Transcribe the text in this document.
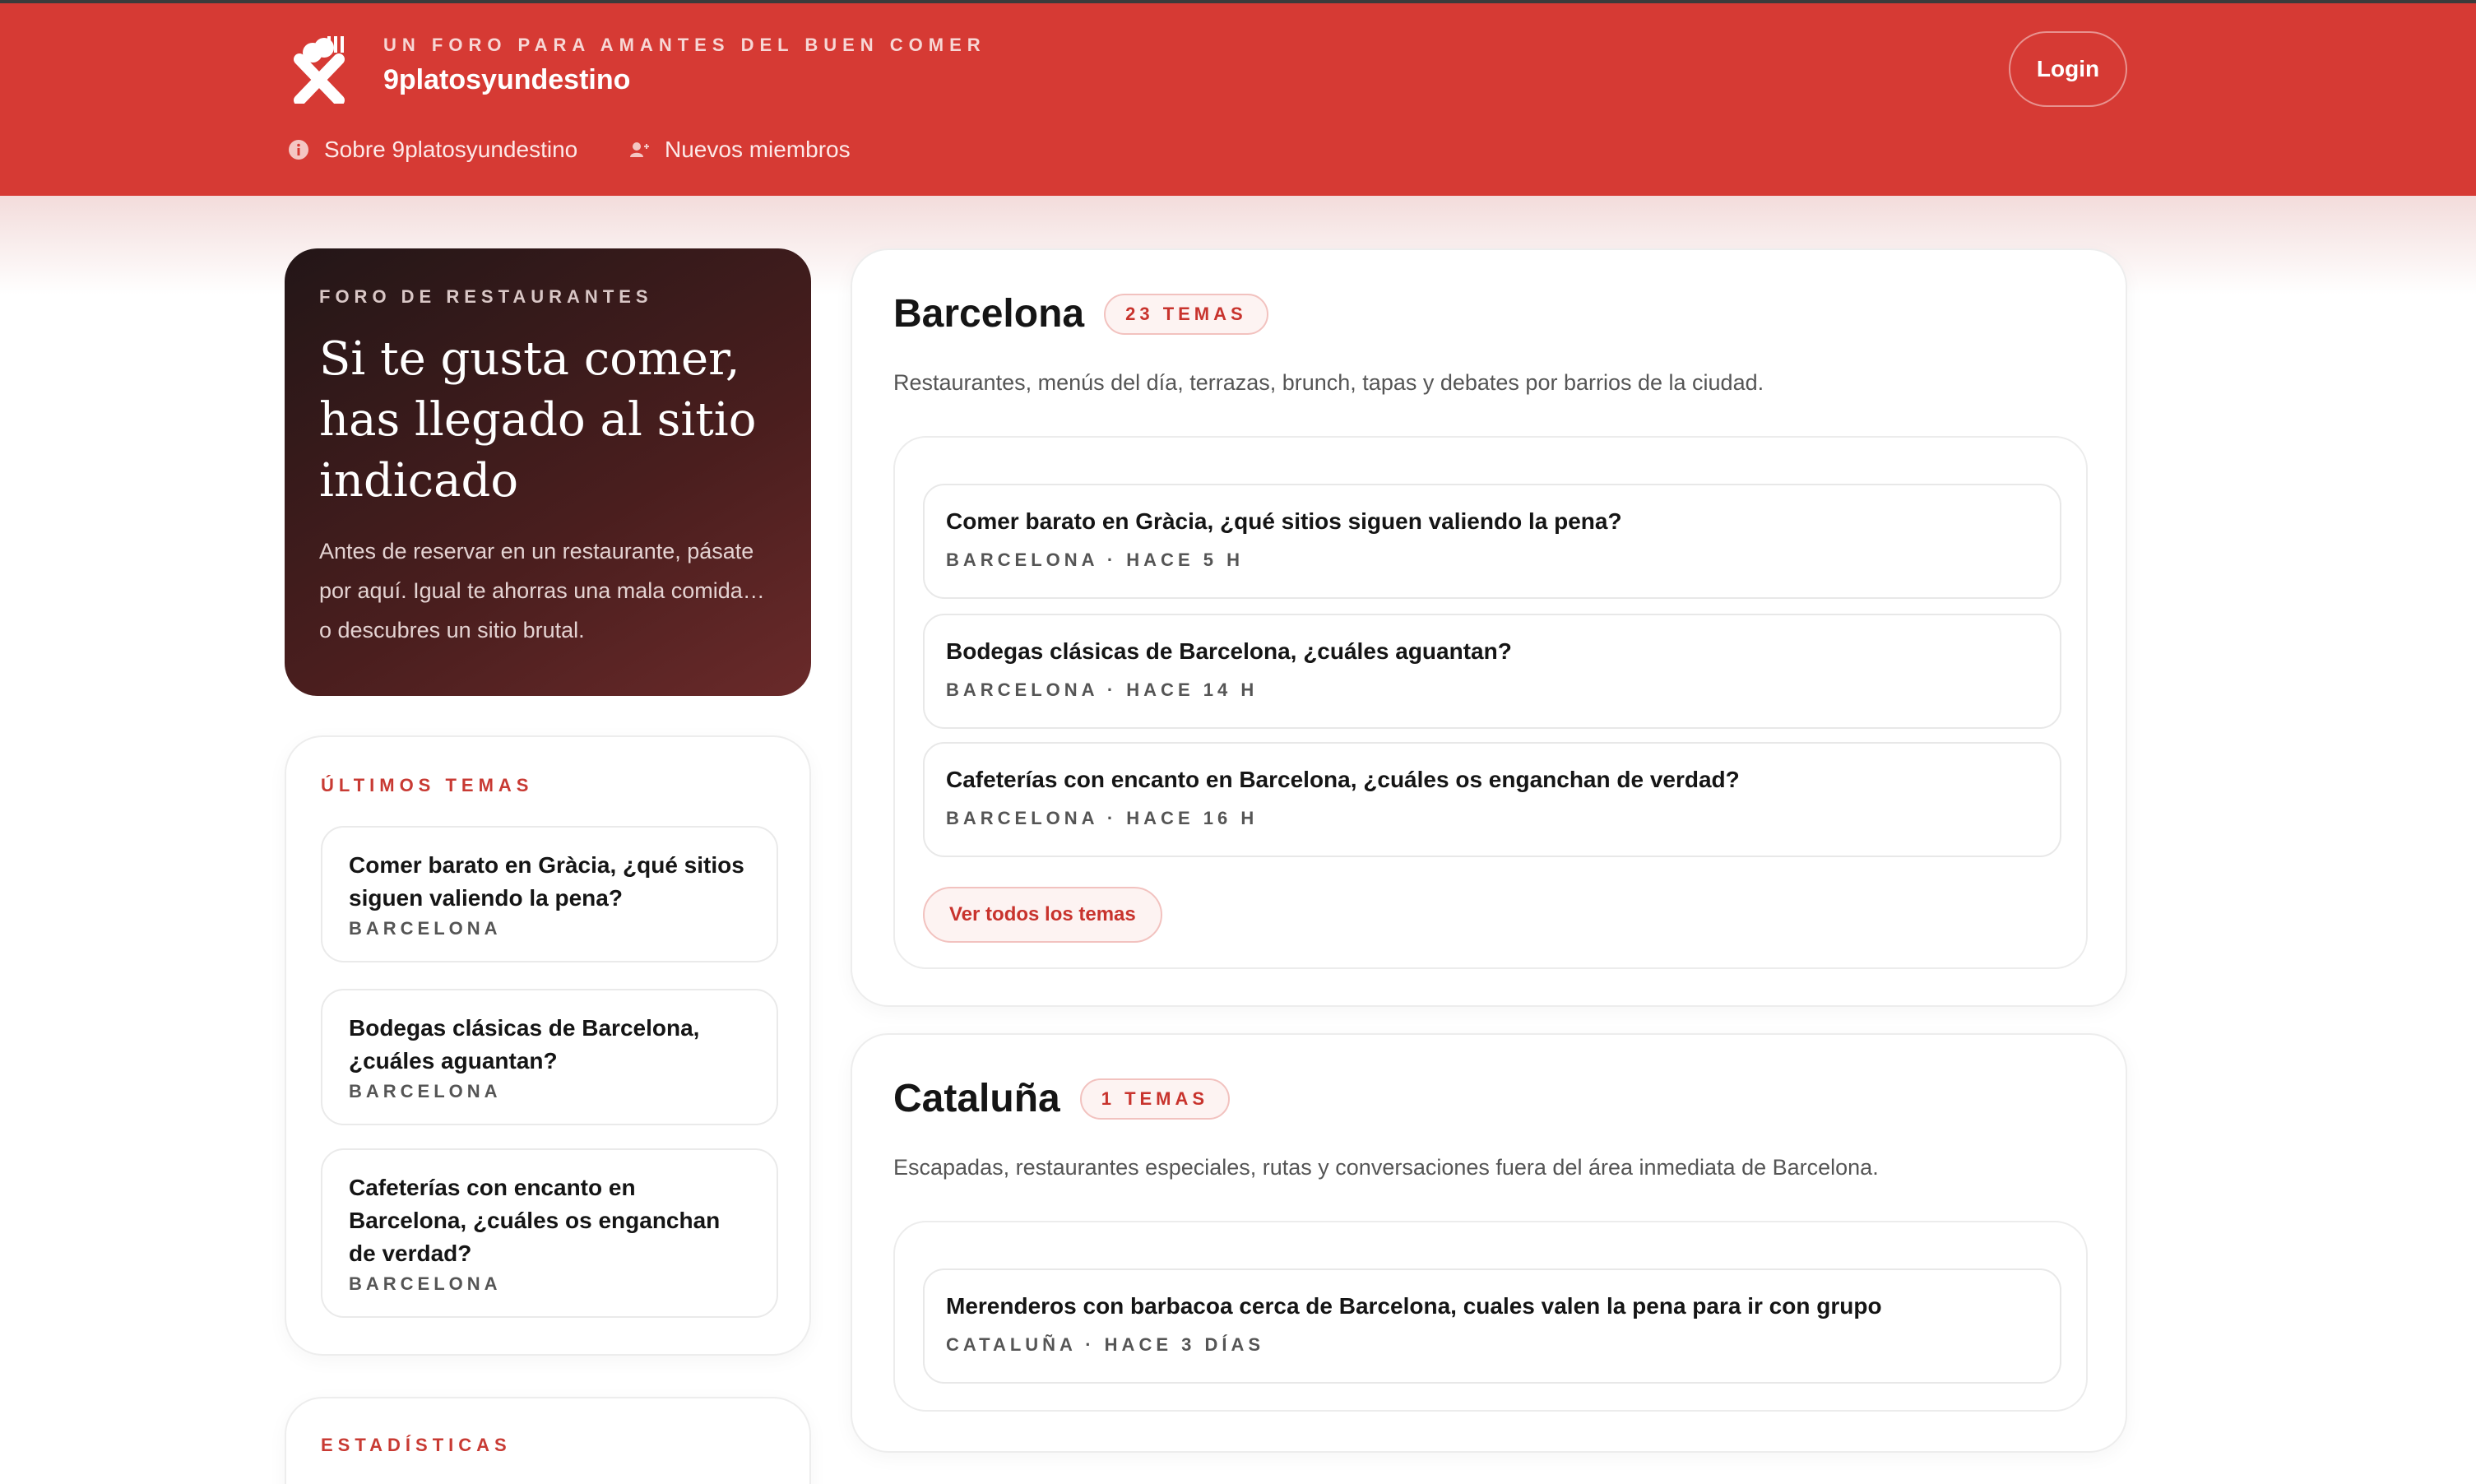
UN FORO PARA AMANTES DEL BUEN COMER
9platosyundestino
Sobre 9platosyundestino	Nuevos miembros
Login
FORO DE RESTAURANTES
Si te gusta comer, has llegado al sitio indicado
Antes de reservar en un restaurante, pásate por aquí. Igual te ahorras una mala comida… o descubres un sitio brutal.
ÚLTIMOS TEMAS
Comer barato en Gràcia, ¿qué sitios siguen valiendo la pena?
BARCELONA
Bodegas clásicas de Barcelona, ¿cuáles aguantan?
BARCELONA
Cafeterías con encanto en Barcelona, ¿cuáles os enganchan de verdad?
BARCELONA
ESTADÍSTICAS
Barcelona	23 TEMAS
Restaurantes, menús del día, terrazas, brunch, tapas y debates por barrios de la ciudad.
Comer barato en Gràcia, ¿qué sitios siguen valiendo la pena?
BARCELONA · HACE 5 H
Bodegas clásicas de Barcelona, ¿cuáles aguantan?
BARCELONA · HACE 14 H
Cafeterías con encanto en Barcelona, ¿cuáles os enganchan de verdad?
BARCELONA · HACE 16 H
Ver todos los temas
Cataluña	1 TEMAS
Escapadas, restaurantes especiales, rutas y conversaciones fuera del área inmediata de Barcelona.
Merenderos con barbacoa cerca de Barcelona, cuales valen la pena para ir con grupo
CATALUÑA · HACE 3 DÍAS
